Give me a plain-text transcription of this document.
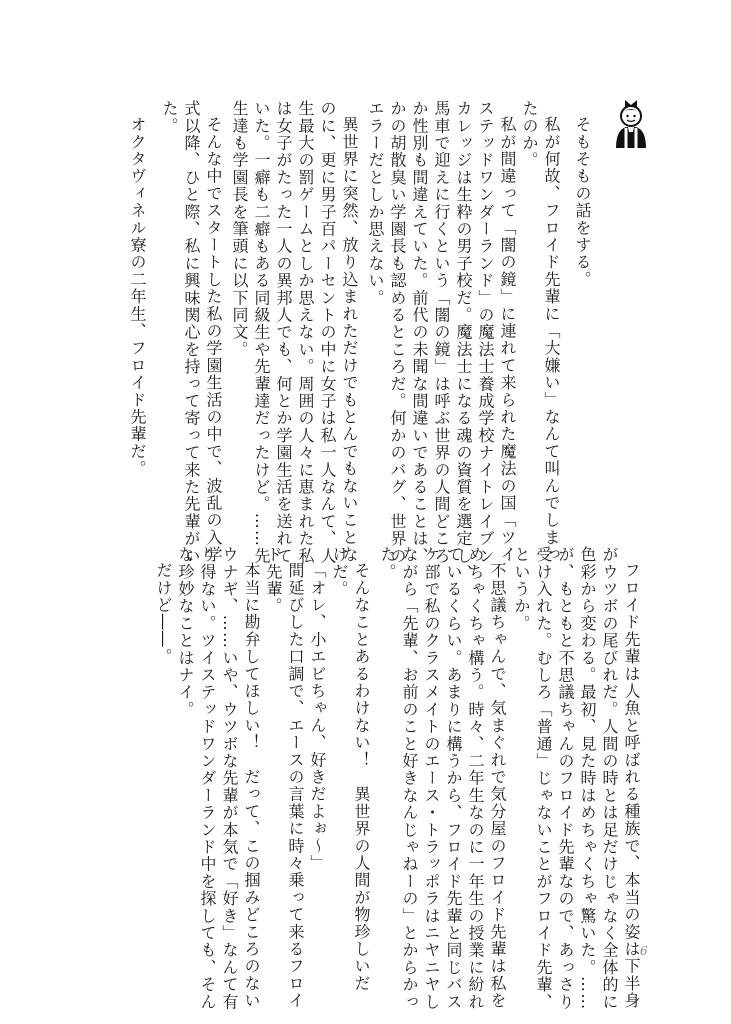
そもそもの話をする。
私が何故、フロイド先輩に「大嫌い」なんて叫んでしまっ
たのか。
私が間違って「闇の鏡」に連れて来られた魔法の国「ツイ
ステッドワンダーランド」の魔法士養成学校ナイトレイブン
カレッジは生粋の男子校だ。魔法士になる魂の資質を選定し、
馬車で迎えに行くという「闇の鏡」は呼ぶ世界の人間どころ
か性別も間違えていた。前代の未聞な間違いであることは、
かの胡散臭い学園長も認めるところだ。何かのバグ、世界の
エラーだとしか思えない。
異世界に突然、放り込まれただけでもとんでもないことな
のに、更に男子百パーセントの中に女子は私一人なんて、人
生最大の罰ゲームとしか思えない。周囲の人々に恵まれた私
は女子がたった一人の異邦人でも、何とか学園生活を送れて
いた。一癖も二癖もある同級生や先輩達だったけど。……先
生達も学園長を筆頭に以下同文。
そんな中でスタートした私の学園生活の中で、波乱の入学
式以降、ひと際、私に興味関心を持って寄って来た先輩がい
た。
オクタヴィネル寮の二年生、フロイド先輩だ。
フロイド先輩は人魚と呼ばれる種族で、本当の姿は下半身
がウツボの尾びれだ。人間の時とは足だけじゃなく全体的に
色彩から変わる。最初、見た時はめちゃくちゃ驚いた。……
が、もともと不思議ちゃんのフロイド先輩なので、あっさり
受け入れた。むしろ「普通」じゃないことがフロイド先輩、
というか。
不思議ちゃんで、気まぐれで気分屋のフロイド先輩は私を
めちゃくちゃ構う。時々、二年生なのに一年生の授業に紛れ
ているくらい。あまりに構うから、フロイド先輩と同じバス
ケ部で私のクラスメイトのエース・トラッポラはニヤニヤし
ながら「先輩、お前のこと好きなんじゃねーの」とからかっ
た。
そんなことあるわけない！　異世界の人間が物珍しいだ
けだ。
「オレ、小エビちゃん、好きだよぉ～」
間延びした口調で、エースの言葉に時々乗って来るフロイ
ド先輩。
本当に勘弁してほしい！　だって、この掴みどころのない
ウナギ、……いや、ウツボな先輩が本気で「好き」なんて有
り得ない。ツイステッドワンダーランド中を探しても、そん
な珍妙なことはナイ。
だけど――。
6
